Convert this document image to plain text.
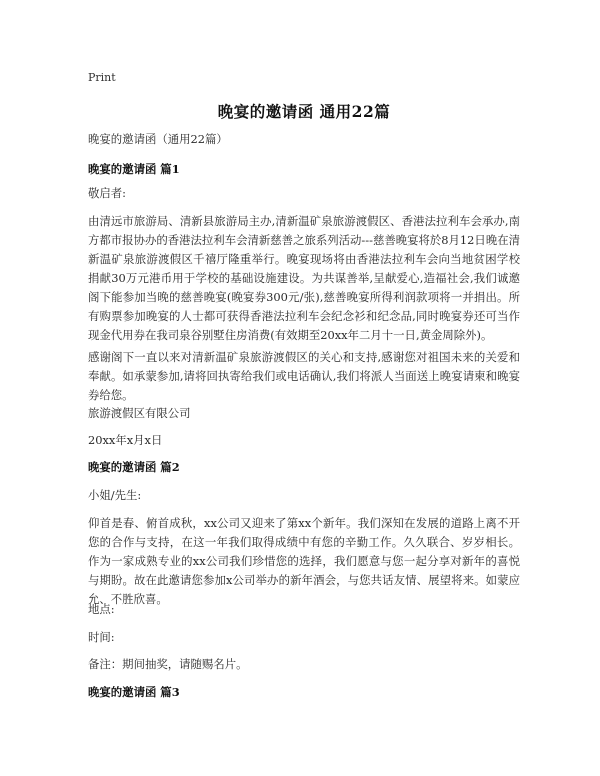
Print
晚宴的邀请函 通用22篇
晚宴的邀请函（通用22篇）
晚宴的邀请函 篇1
敬启者:
由清远市旅游局、清新县旅游局主办,清新温矿泉旅游渡假区、香港法拉利车会承办,南方都市报协办的香港法拉利车会清新慈善之旅系列活动---慈善晚宴将於8月12日晚在清新温矿泉旅游渡假区千禧厅隆重举行。晚宴现场将由香港法拉利车会向当地贫困学校捐献30万元港币用于学校的基础设施建设。为共谋善举,呈献爱心,造福社会,我们诚邀阁下能参加当晚的慈善晚宴(晚宴券300元/张),慈善晚宴所得利润款项将一并捐出。所有购票参加晚宴的人士都可获得香港法拉利车会纪念衫和纪念品,同时晚宴券还可当作现金代用券在我司泉谷别墅住房消费(有效期至20xx年二月十一日,黄金周除外)。
感谢阁下一直以来对清新温矿泉旅游渡假区的关心和支持,感谢您对祖国未来的关爱和奉献。如承蒙参加,请将回执寄给我们或电话确认,我们将派人当面送上晚宴请柬和晚宴券给您。
旅游渡假区有限公司
20xx年x月x日
晚宴的邀请函 篇2
小姐/先生:
仰首是春、俯首成秋，xx公司又迎来了第xx个新年。我们深知在发展的道路上离不开您的合作与支持，在这一年我们取得成绩中有您的辛勤工作。久久联合、岁岁相长。作为一家成熟专业的xx公司我们珍惜您的选择，我们愿意与您一起分享对新年的喜悦与期盼。故在此邀请您参加x公司举办的新年酒会，与您共话友情、展望将来。如蒙应允、不胜欣喜。
地点:
时间:
备注：期间抽奖，请随赐名片。
晚宴的邀请函 篇3
